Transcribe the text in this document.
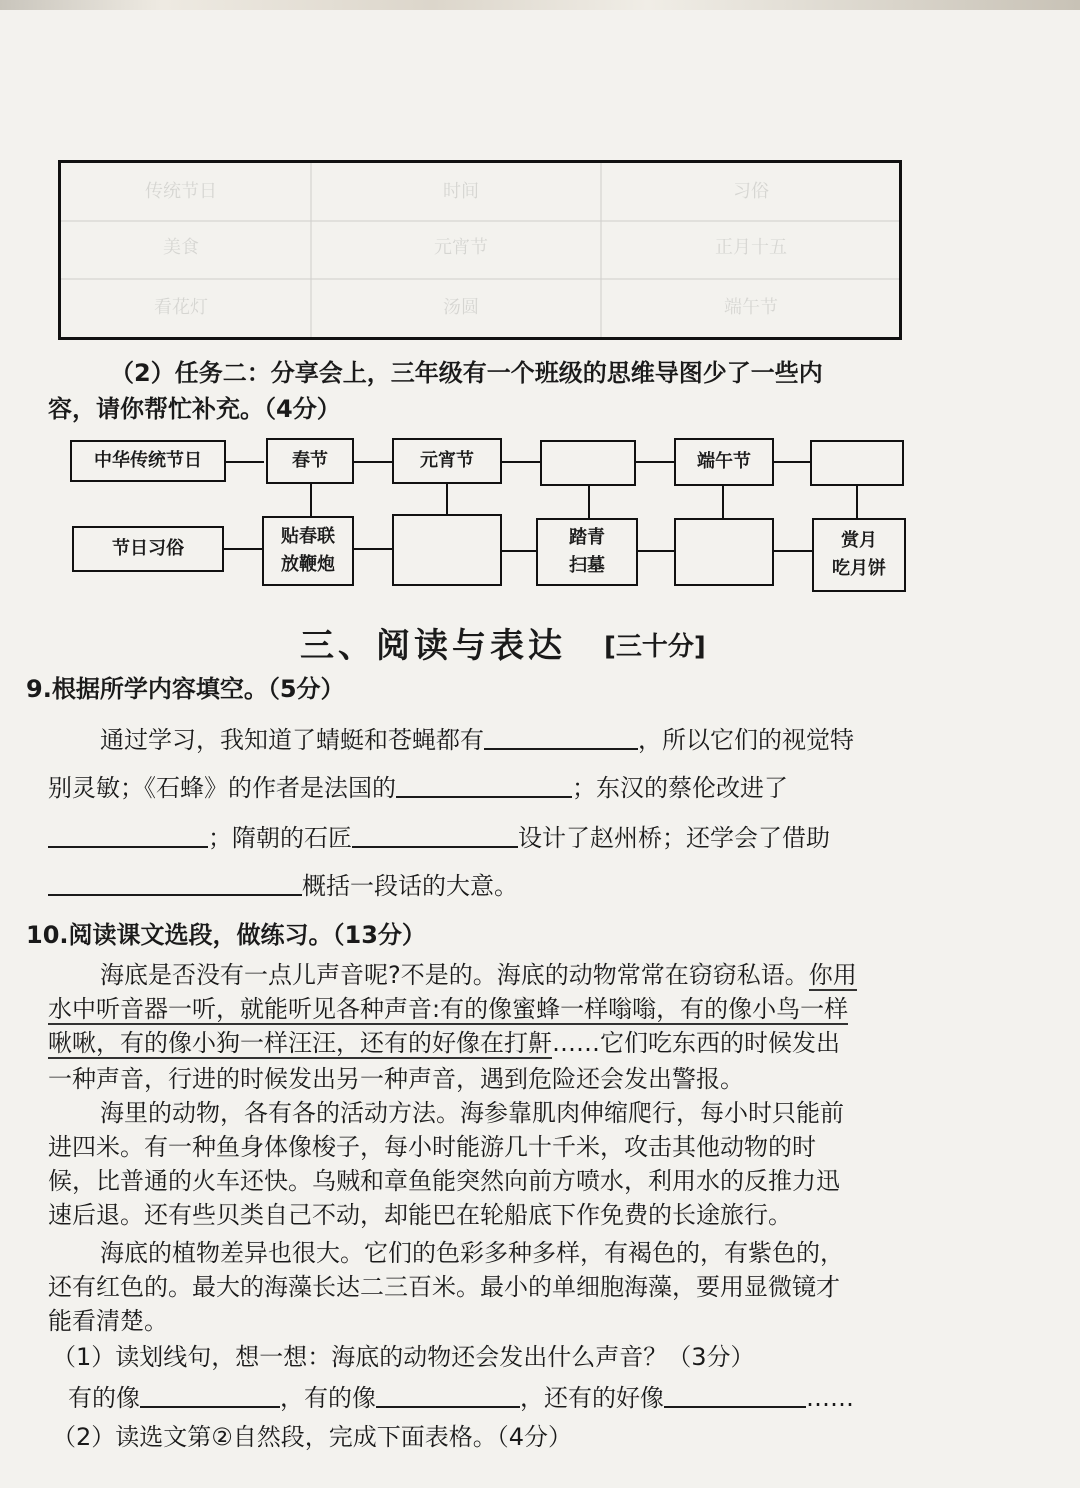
传统节日	时间	习俗
美食	元宵节	正月十五
看花灯	汤圆	端午节
（2）任务二：分享会上，三年级有一个班级的思维导图少了一些内
容，请你帮忙补充。（4分）
中华传统节日	春节	元宵节	端午节
节日习俗
贴春联
放鞭炮
踏青
扫墓
赏月
吃月饼
三、阅读与表达 [三十分]
9.根据所学内容填空。（5分）
通过学习，我知道了蜻蜓和苍蝇都有	，所以它们的视觉特
别灵敏；《石蜂》的作者是法国的	；东汉的蔡伦改进了
；隋朝的石匠	设计了赵州桥；还学会了借助
概括一段话的大意。
10.阅读课文选段，做练习。（13分）
海底是否没有一点儿声音呢?不是的。海底的动物常常在窃窃私语。你用
水中听音器一听，就能听见各种声音:有的像蜜蜂一样嗡嗡，有的像小鸟一样
啾啾，有的像小狗一样汪汪，还有的好像在打鼾……它们吃东西的时候发出
一种声音，行进的时候发出另一种声音，遇到危险还会发出警报。
海里的动物，各有各的活动方法。海参靠肌肉伸缩爬行，每小时只能前
进四米。有一种鱼身体像梭子，每小时能游几十千米，攻击其他动物的时
候，比普通的火车还快。乌贼和章鱼能突然向前方喷水，利用水的反推力迅
速后退。还有些贝类自己不动，却能巴在轮船底下作免费的长途旅行。
海底的植物差异也很大。它们的色彩多种多样，有褐色的，有紫色的，
还有红色的。最大的海藻长达二三百米。最小的单细胞海藻，要用显微镜才
能看清楚。
（1）读划线句，想一想：海底的动物还会发出什么声音？（3分）
有的像	，有的像	，还有的好像	……
（2）读选文第②自然段，完成下面表格。（4分）
